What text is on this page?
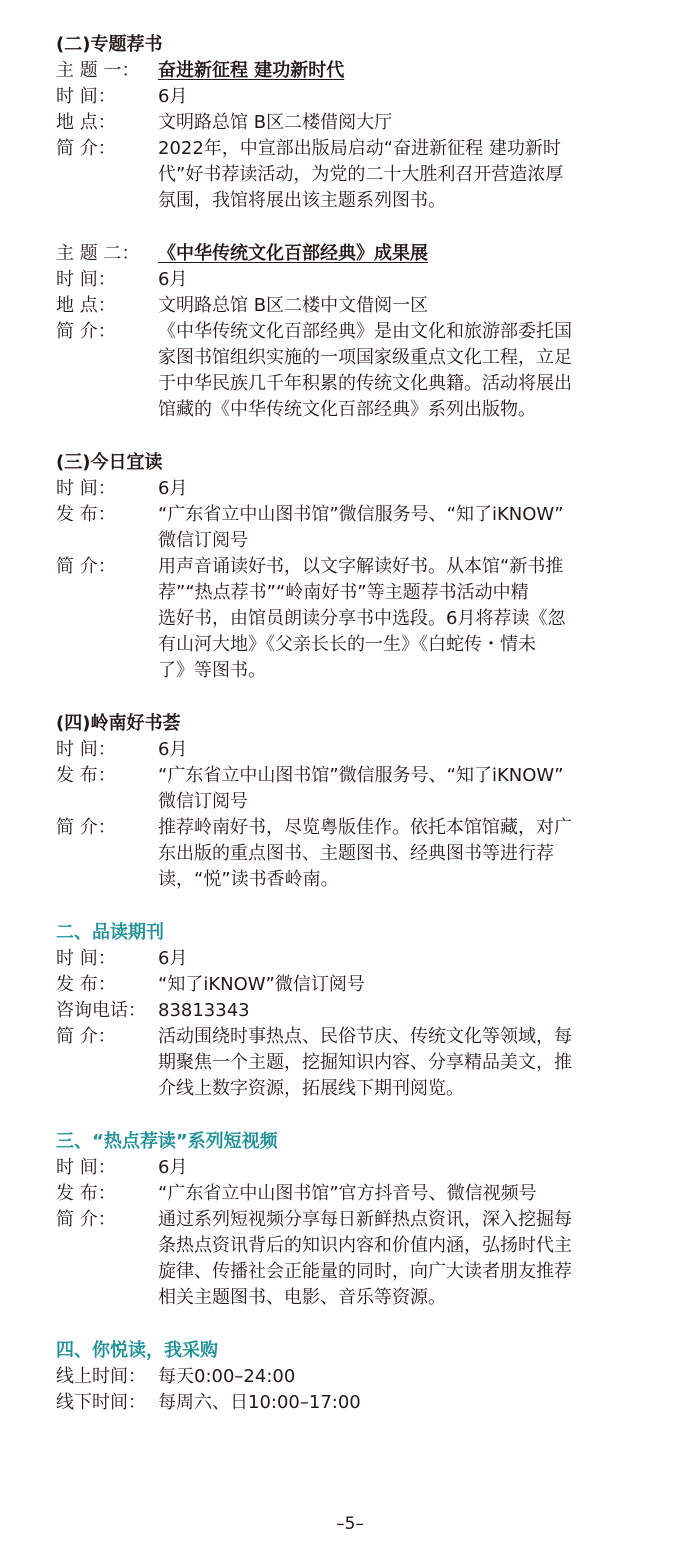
(二)专题荐书

主 题 一：	奋进新征程 建功新时代
时 间：	6月
地 点：	文明路总馆 B区二楼借阅大厅
简 介：	2022年，中宣部出版局启动“奋进新征程 建功新时
代”好书荐读活动，为党的二十大胜利召开营造浓厚
氛围，我馆将展出该主题系列图书。
主 题 二：	《中华传统文化百部经典》成果展
时 间：	6月
地 点：	文明路总馆 B区二楼中文借阅一区
简 介：	《中华传统文化百部经典》是由文化和旅游部委托国
家图书馆组织实施的一项国家级重点文化工程，立足
于中华民族几千年积累的传统文化典籍。活动将展出
馆藏的《中华传统文化百部经典》系列出版物。

(三)今日宜读

时 间：	6月
发 布：	“广东省立中山图书馆”微信服务号、“知了iKNOW”
微信订阅号
简 介：	用声音诵读好书，以文字解读好书。从本馆“新书推
荐”“热点荐书”“岭南好书”等主题荐书活动中精
选好书，由馆员朗读分享书中选段。6月将荐读《忽
有山河大地》《父亲长长的一生》《白蛇传・情未
了》等图书。

(四)岭南好书荟

时 间：	6月
发 布：	“广东省立中山图书馆”微信服务号、“知了iKNOW”
微信订阅号
简 介：	推荐岭南好书，尽览粤版佳作。依托本馆馆藏，对广
东出版的重点图书、主题图书、经典图书等进行荐
读，“悦”读书香岭南。

二、品读期刊

时 间：	6月
发 布：	“知了iKNOW”微信订阅号
咨询电话： 83813343
简 介：	活动围绕时事热点、民俗节庆、传统文化等领域，每
期聚焦一个主题，挖掘知识内容、分享精品美文，推
介线上数字资源，拓展线下期刊阅览。

三、“热点荐读”系列短视频

时 间：	6月
发 布：	“广东省立中山图书馆”官方抖音号、微信视频号
简 介：	通过系列短视频分享每日新鲜热点资讯，深入挖掘每
条热点资讯背后的知识内容和价值内涵，弘扬时代主
旋律、传播社会正能量的同时，向广大读者朋友推荐
相关主题图书、电影、音乐等资源。

四、你悦读，我采购

线上时间： 每天0:00–24:00
线下时间： 每周六、日10:00–17:00
–5–
